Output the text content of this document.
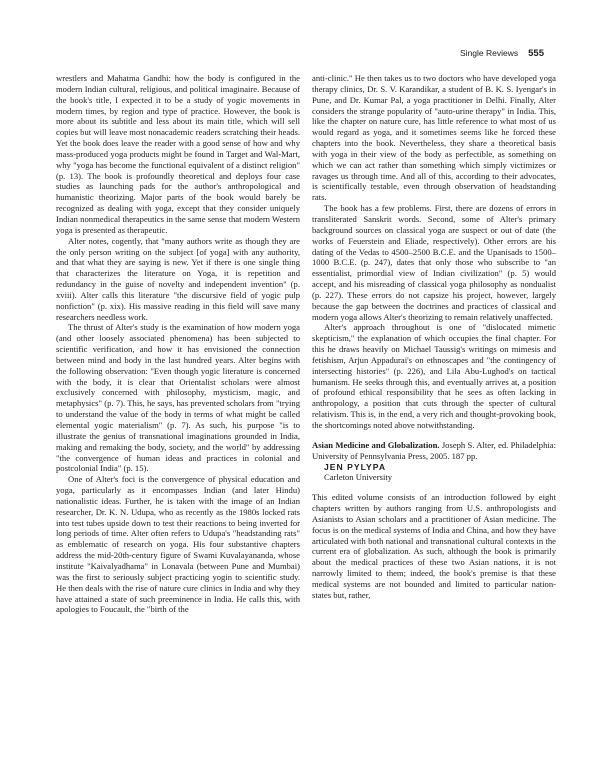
Single Reviews 555

wrestlers and Mahatma Gandhi: how the body is configured in the modern Indian cultural, religious, and political imaginaire. Because of the book's title, I expected it to be a study of yogic movements in modern times, by region and type of practice. However, the book is more about its subtitle and less about its main title, which will sell copies but will leave most nonacademic readers scratching their heads. Yet the book does leave the reader with a good sense of how and why mass-produced yoga products might be found in Target and Wal-Mart, why "yoga has become the functional equivalent of a distinct religion" (p. 13). The book is profoundly theoretical and deploys four case studies as launching pads for the author's anthropological and humanistic theorizing. Major parts of the book would barely be recognized as dealing with yoga, except that they consider uniquely Indian nonmedical therapeutics in the same sense that modern Western yoga is presented as therapeutic.

Alter notes, cogently, that "many authors write as though they are the only person writing on the subject [of yoga] with any authority, and that what they are saying is new. Yet if there is one single thing that characterizes the literature on Yoga, it is repetition and redundancy in the guise of novelty and independent invention" (p. xviii). Alter calls this literature "the discursive field of yogic pulp nonfiction" (p. xix). His massive reading in this field will save many researchers needless work.

The thrust of Alter's study is the examination of how modern yoga (and other loosely associated phenomena) has been subjected to scientific verification, and how it has envisioned the connection between mind and body in the last hundred years. Alter begins with the following observation: "Even though yogic literature is concerned with the body, it is clear that Orientalist scholars were almost exclusively concerned with philosophy, mysticism, magic, and metaphysics" (p. 7). This, he says, has prevented scholars from "trying to understand the value of the body in terms of what might be called elemental yogic materialism" (p. 7). As such, his purpose "is to illustrate the genius of transnational imaginations grounded in India, making and remaking the body, society, and the world" by addressing "the convergence of human ideas and practices in colonial and postcolonial India" (p. 15).

One of Alter's foci is the convergence of physical education and yoga, particularly as it encompasses Indian (and later Hindu) nationalistic ideas. Further, he is taken with the image of an Indian researcher, Dr. K. N. Udupa, who as recently as the 1980s locked rats into test tubes upside down to test their reactions to being inverted for long periods of time. Alter often refers to Udupa's "headstanding rats" as emblematic of research on yoga. His four substantive chapters address the mid-20th-century figure of Swami Kuvalayananda, whose institute "Kaivalyadhama" in Lonavala (between Pune and Mumbai) was the first to seriously subject practicing yogin to scientific study. He then deals with the rise of nature cure clinics in India and why they have attained a state of such preeminence in India. He calls this, with apologies to Foucault, the "birth of the

anti-clinic." He then takes us to two doctors who have developed yoga therapy clinics, Dr. S. V. Karandikar, a student of B. K. S. Iyengar's in Pune, and Dr. Kumar Pal, a yoga practitioner in Delhi. Finally, Alter considers the strange popularity of "auto-urine therapy" in India. This, like the chapter on nature cure, has little reference to what most of us would regard as yoga, and it sometimes seems like he forced these chapters into the book. Nevertheless, they share a theoretical basis with yoga in their view of the body as perfectible, as something on which we can act rather than something which simply victimizes or ravages us through time. And all of this, according to their advocates, is scientifically testable, even through observation of headstanding rats.

The book has a few problems. First, there are dozens of errors in transliterated Sanskrit words. Second, some of Alter's primary background sources on classical yoga are suspect or out of date (the works of Feuerstein and Eliade, respectively). Other errors are his dating of the Vedas to 4500–2500 B.C.E. and the Upanisads to 1500–1000 B.C.E. (p. 247), dates that only those who subscribe to "an essentialist, primordial view of Indian civilization" (p. 5) would accept, and his misreading of classical yoga philosophy as nondualist (p. 227). These errors do not capsize his project, however, largely because the gap between the doctrines and practices of classical and modern yoga allows Alter's theorizing to remain relatively unaffected.

Alter's approach throughout is one of "dislocated mimetic skepticism," the explanation of which occupies the final chapter. For this he draws heavily on Michael Taussig's writings on mimesis and fetishism, Arjun Appadurai's on ethnoscapes and "the contingency of intersecting histories" (p. 226), and Lila Abu-Lughod's on tactical humanism. He seeks through this, and eventually arrives at, a position of profound ethical responsibility that he sees as often lacking in anthropology, a position that cuts through the specter of cultural relativism. This is, in the end, a very rich and thought-provoking book, the shortcomings noted above notwithstanding.

Asian Medicine and Globalization. Joseph S. Alter, ed. Philadelphia: University of Pennsylvania Press, 2005. 187 pp.

JEN PYLYPA

Carleton University

This edited volume consists of an introduction followed by eight chapters written by authors ranging from U.S. anthropologists and Asianists to Asian scholars and a practitioner of Asian medicine. The focus is on the medical systems of India and China, and how they have articulated with both national and transnational cultural contexts in the current era of globalization. As such, although the book is primarily about the medical practices of these two Asian nations, it is not narrowly limited to them; indeed, the book's premise is that these medical systems are not bounded and limited to particular nation-states but, rather,
